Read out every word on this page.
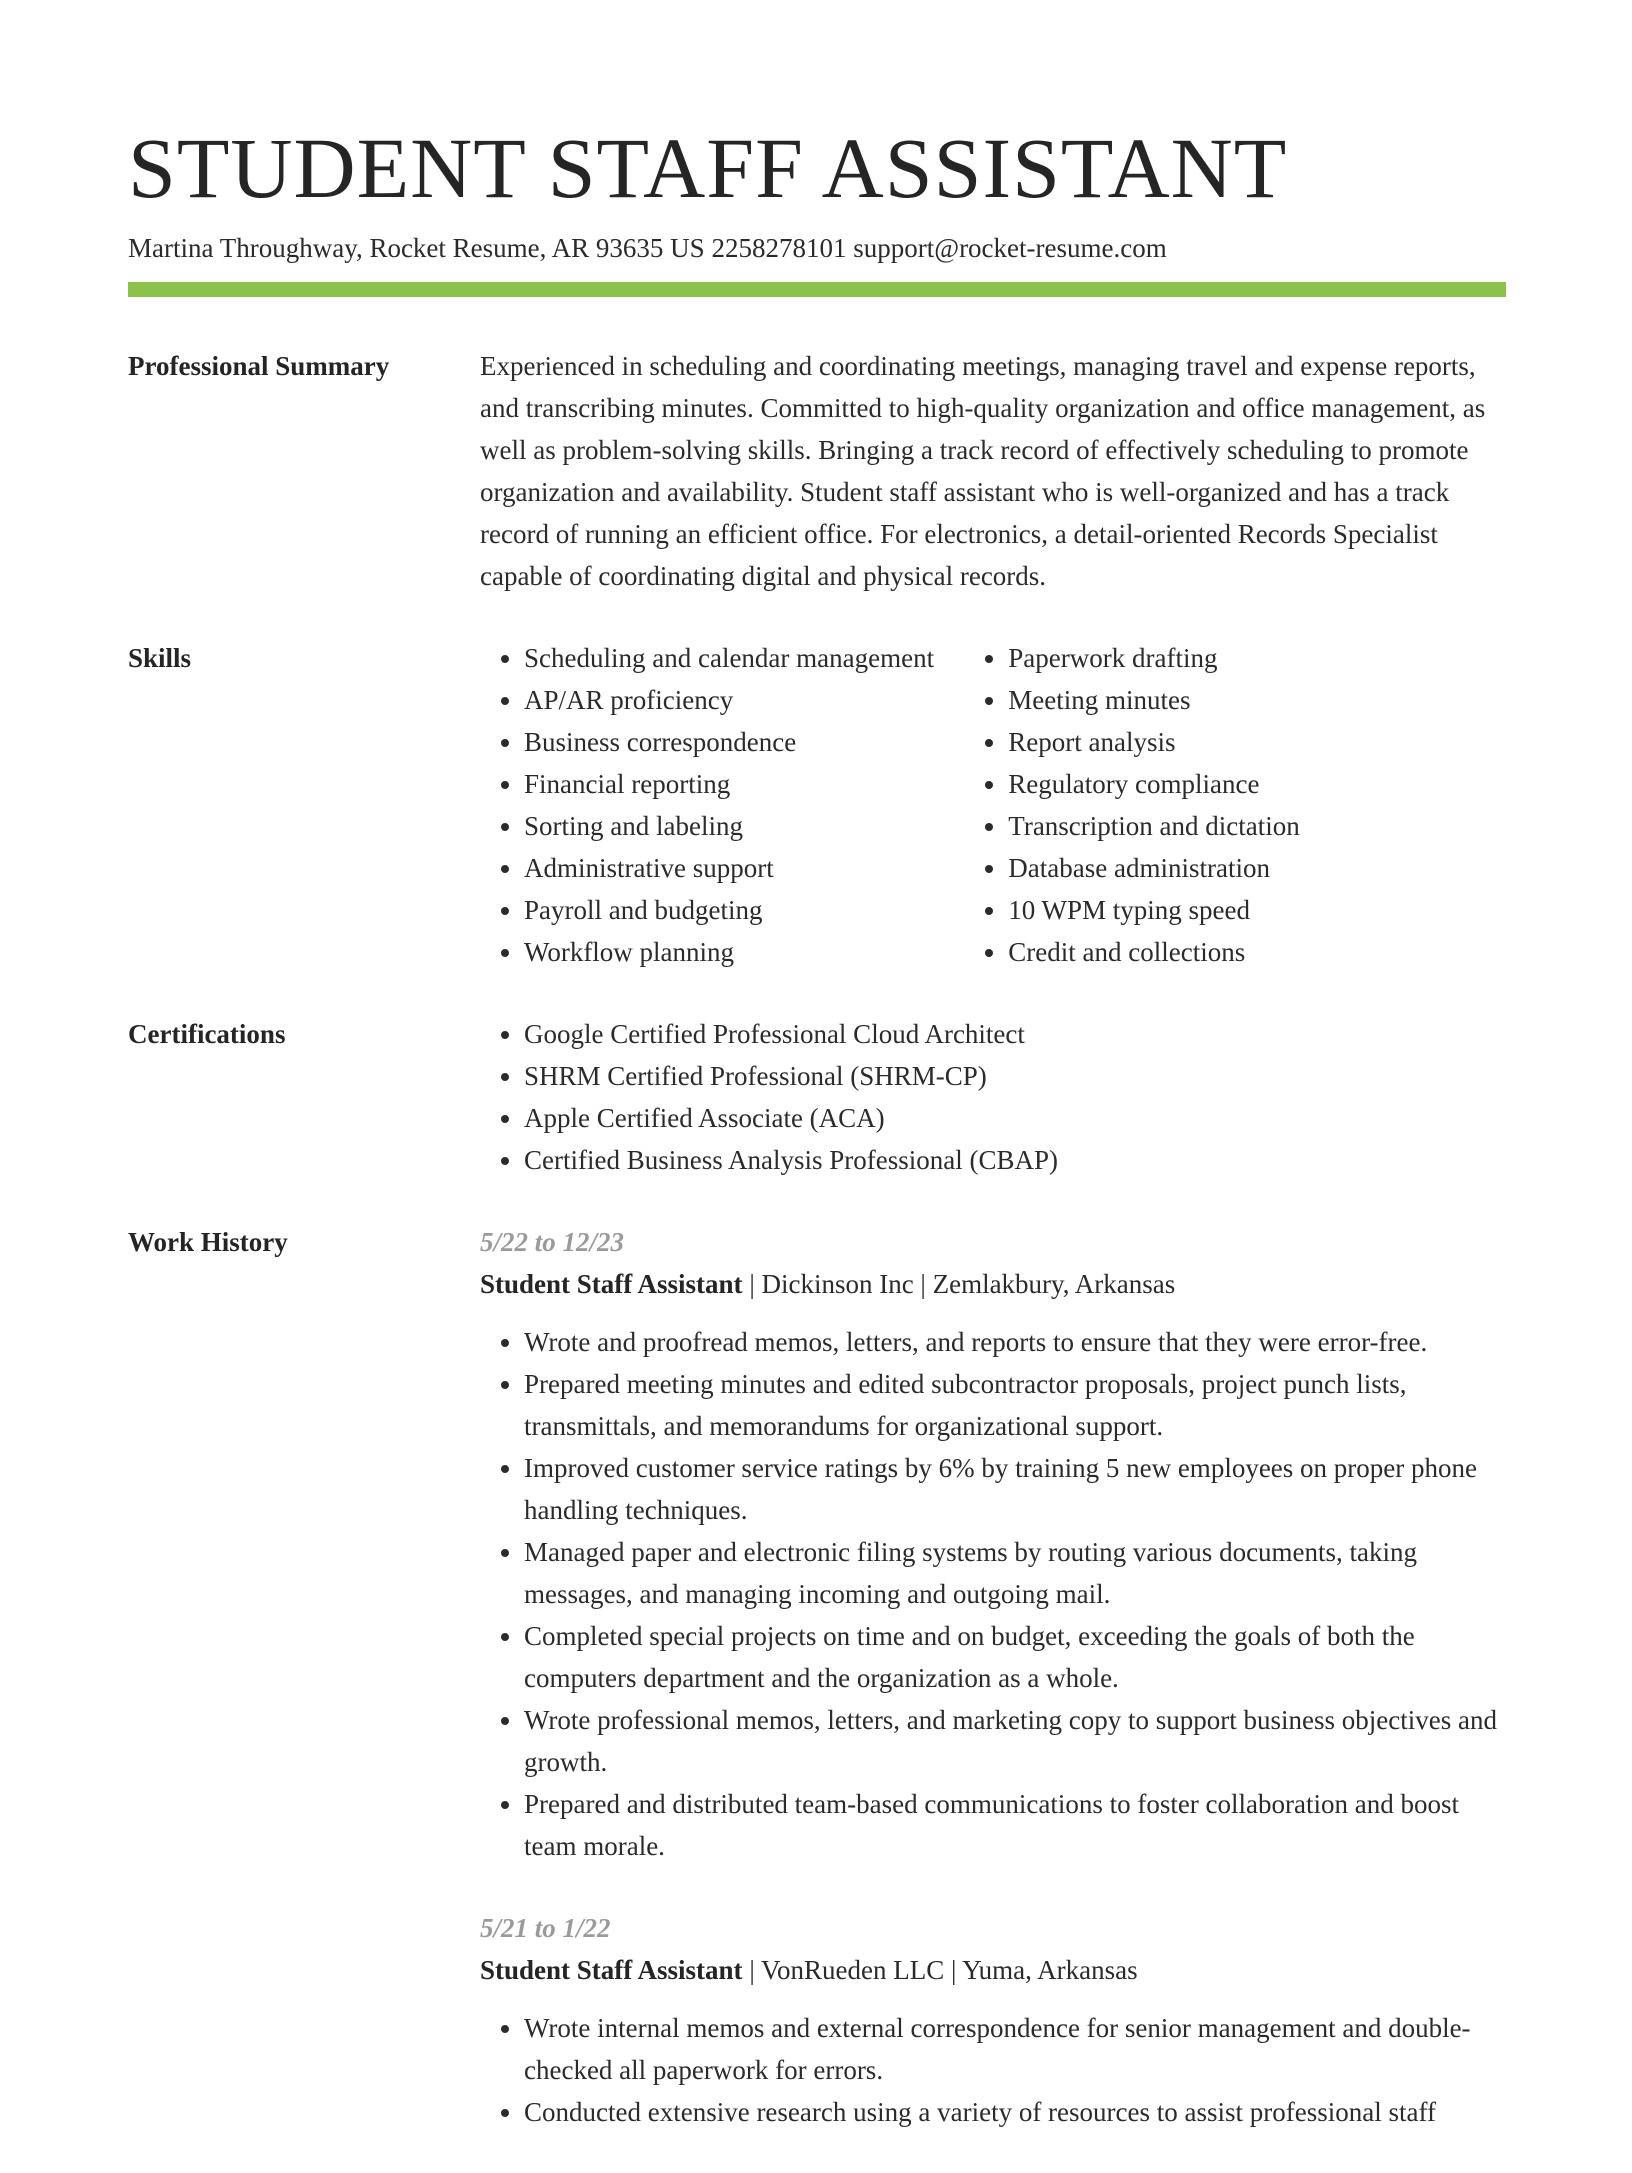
STUDENT STAFF ASSISTANT
Martina Throughway, Rocket Resume, AR 93635 US 2258278101 support@rocket-resume.com
Professional Summary	Experienced in scheduling and coordinating meetings, managing travel and expense reports, and transcribing minutes. Committed to high-quality organization and office management, as well as problem-solving skills. Bringing a track record of effectively scheduling to promote organization and availability. Student staff assistant who is well-organized and has a track record of running an efficient office. For electronics, a detail-oriented Records Specialist capable of coordinating digital and physical records.

Skills	• Scheduling and calendar management
• AP/AR proficiency
• Business correspondence
• Financial reporting
• Sorting and labeling
• Administrative support
• Payroll and budgeting
• Workflow planning
• Paperwork drafting
• Meeting minutes
• Report analysis
• Regulatory compliance
• Transcription and dictation
• Database administration
• 10 WPM typing speed
• Credit and collections
Certifications	• Google Certified Professional Cloud Architect
• SHRM Certified Professional (SHRM-CP)
• Apple Certified Associate (ACA)
• Certified Business Analysis Professional (CBAP)
Work History	5/22 to 12/23
Student Staff Assistant | Dickinson Inc | Zemlakbury, Arkansas
• Wrote and proofread memos, letters, and reports to ensure that they were error-free.
• Prepared meeting minutes and edited subcontractor proposals, project punch lists, transmittals, and memorandums for organizational support.
• Improved customer service ratings by 6% by training 5 new employees on proper phone handling techniques.
• Managed paper and electronic filing systems by routing various documents, taking messages, and managing incoming and outgoing mail.
• Completed special projects on time and on budget, exceeding the goals of both the computers department and the organization as a whole.
• Wrote professional memos, letters, and marketing copy to support business objectives and growth.
• Prepared and distributed team-based communications to foster collaboration and boost team morale.
5/21 to 1/22
Student Staff Assistant | VonRueden LLC | Yuma, Arkansas
• Wrote internal memos and external correspondence for senior management and double-checked all paperwork for errors.
• Conducted extensive research using a variety of resources to assist professional staff
